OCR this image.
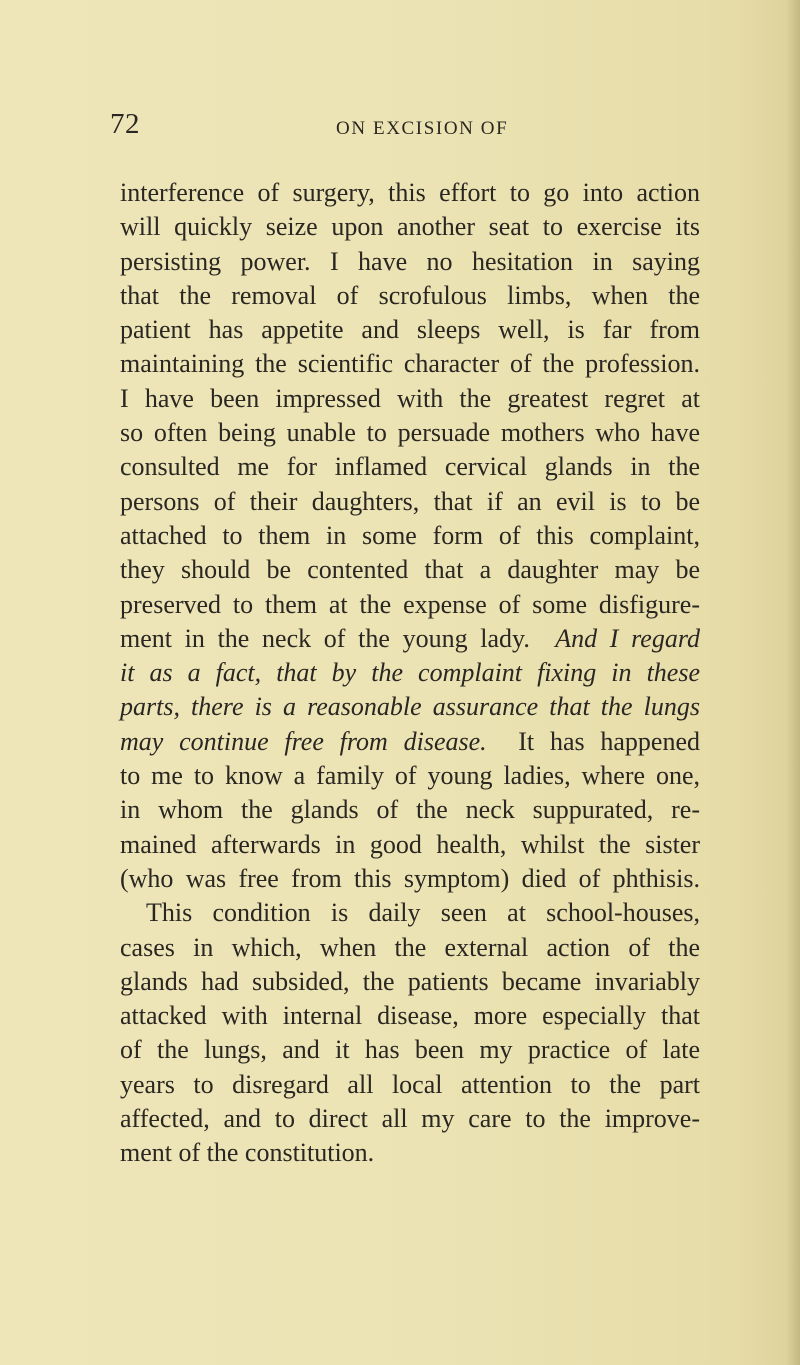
72	ON EXCISION OF
interference of surgery, this effort to go into action
will quickly seize upon another seat to exercise its
persisting power. I have no hesitation in saying
that the removal of scrofulous limbs, when the
patient has appetite and sleeps well, is far from
maintaining the scientific character of the profession.
I have been impressed with the greatest regret at
so often being unable to persuade mothers who have
consulted me for inflamed cervical glands in the
persons of their daughters, that if an evil is to be
attached to them in some form of this complaint,
they should be contented that a daughter may be
preserved to them at the expense of some disfigure-
ment in the neck of the young lady. And I regard
it as a fact, that by the complaint fixing in these
parts, there is a reasonable assurance that the lungs
may continue free from disease. It has happened
to me to know a family of young ladies, where one,
in whom the glands of the neck suppurated, re-
mained afterwards in good health, whilst the sister
(who was free from this symptom) died of phthisis.
This condition is daily seen at school-houses,
cases in which, when the external action of the
glands had subsided, the patients became invariably
attacked with internal disease, more especially that
of the lungs, and it has been my practice of late
years to disregard all local attention to the part
affected, and to direct all my care to the improve-
ment of the constitution.
